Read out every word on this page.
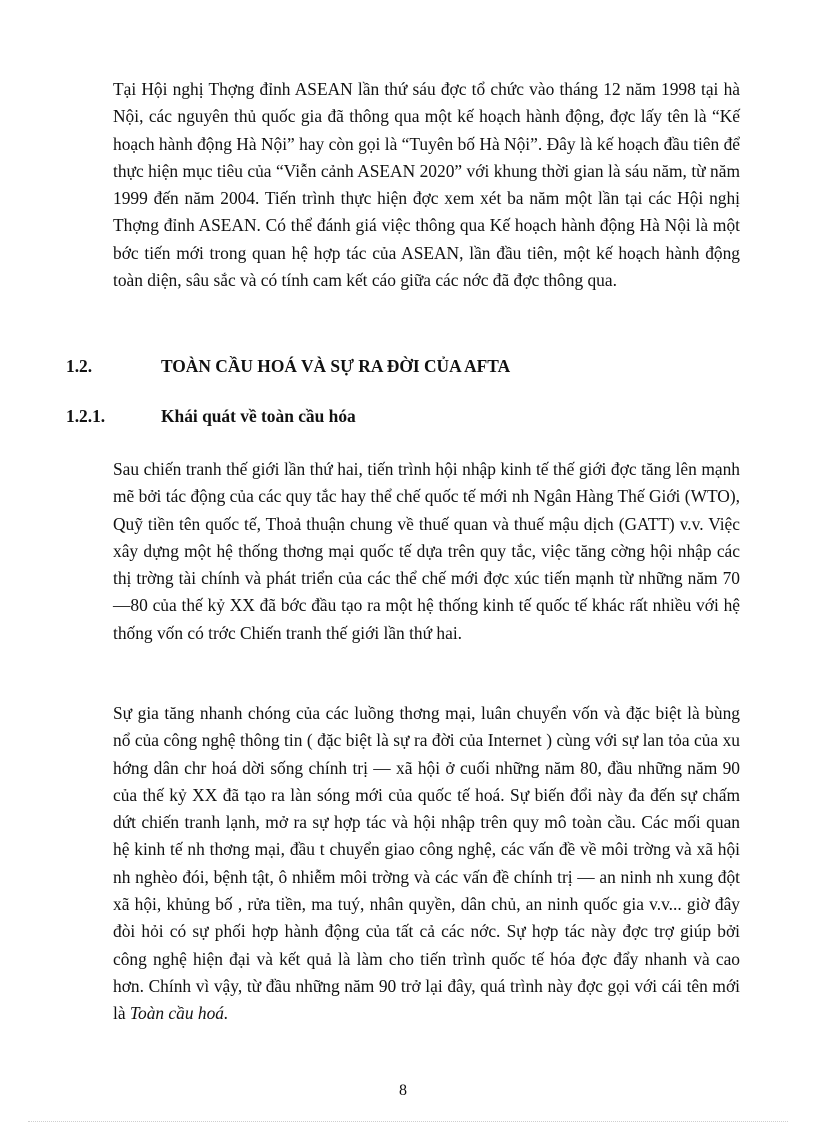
Tại Hội nghị Thợng đỉnh ASEAN lần thứ sáu đợc tổ chức vào tháng 12 năm 1998 tại hà Nội, các nguyên thủ quốc gia đã thông qua một kế hoạch hành động, đợc lấy tên là “Kế hoạch hành động Hà Nội” hay còn gọi là “Tuyên bố Hà Nội”. Đây là kế hoạch đầu tiên để thực hiện mục tiêu của “Viễn cảnh ASEAN 2020” với khung thời gian là sáu năm, từ năm 1999 đến năm 2004. Tiến trình thực hiện đợc xem xét ba năm một lần tại các Hội nghị Thợng đỉnh ASEAN. Có thể đánh giá việc thông qua Kế hoạch hành động Hà Nội là một bớc tiến mới trong quan hệ hợp tác của ASEAN, lần đầu tiên, một kế hoạch hành động toàn diện, sâu sắc và có tính cam kết cáo giữa các nớc đã đợc thông qua.

1.2.	TOÀN CẦU HOÁ VÀ SỰ RA ĐỜI CỦA AFTA
1.2.1.	Khái quát về toàn cầu hóa

Sau chiến tranh thế giới lần thứ hai, tiến trình hội nhập kinh tế thế giới đợc tăng lên mạnh mẽ bởi tác động của các quy tắc hay thể chế quốc tế mới nh Ngân Hàng Thế Giới (WTO), Quỹ tiền tên quốc tế, Thoả thuận chung về thuế quan và thuế mậu dịch (GATT) v.v. Việc xây dựng một hệ thống thơng mại quốc tế dựa trên quy tắc, việc tăng cờng hội nhập các thị trờng tài chính và phát triển của các thể chế mới đợc xúc tiến mạnh từ những năm 70 —80 của thế kỷ XX đã bớc đầu tạo ra một hệ thống kinh tế quốc tế khác rất nhiều với hệ thống vốn có trớc Chiến tranh thế giới lần thứ hai.

Sự gia tăng nhanh chóng của các luồng thơng mại, luân chuyển vốn và đặc biệt là bùng nổ của công nghệ thông tin ( đặc biệt là sự ra đời của Internet ) cùng với sự lan tỏa của xu hớng dân chr hoá dời sống chính trị — xã hội ở cuối những năm 80, đầu những năm 90 của thế kỷ XX đã tạo ra làn sóng mới của quốc tế hoá. Sự biến đổi này đa đến sự chấm dứt chiến tranh lạnh, mở ra sự hợp tác và hội nhập trên quy mô toàn cầu. Các mối quan hệ kinh tế nh thơng mại, đầu t chuyển giao công nghệ, các vấn đề về môi trờng và xã hội nh nghèo đói, bệnh tật, ô nhiễm môi trờng và các vấn đề chính trị — an ninh nh xung đột xã hội, khủng bố , rửa tiền, ma tuý, nhân quyền, dân chủ, an ninh quốc gia v.v... giờ đây đòi hỏi có sự phối hợp hành động của tất cả các nớc. Sự hợp tác này đợc trợ giúp bởi công nghệ hiện đại và kết quả là làm cho tiến trình quốc tế hóa đợc đẩy nhanh và cao hơn. Chính vì vậy, từ đầu những năm 90 trở lại đây, quá trình này đợc gọi với cái tên mới là Toàn cầu hoá.

8
